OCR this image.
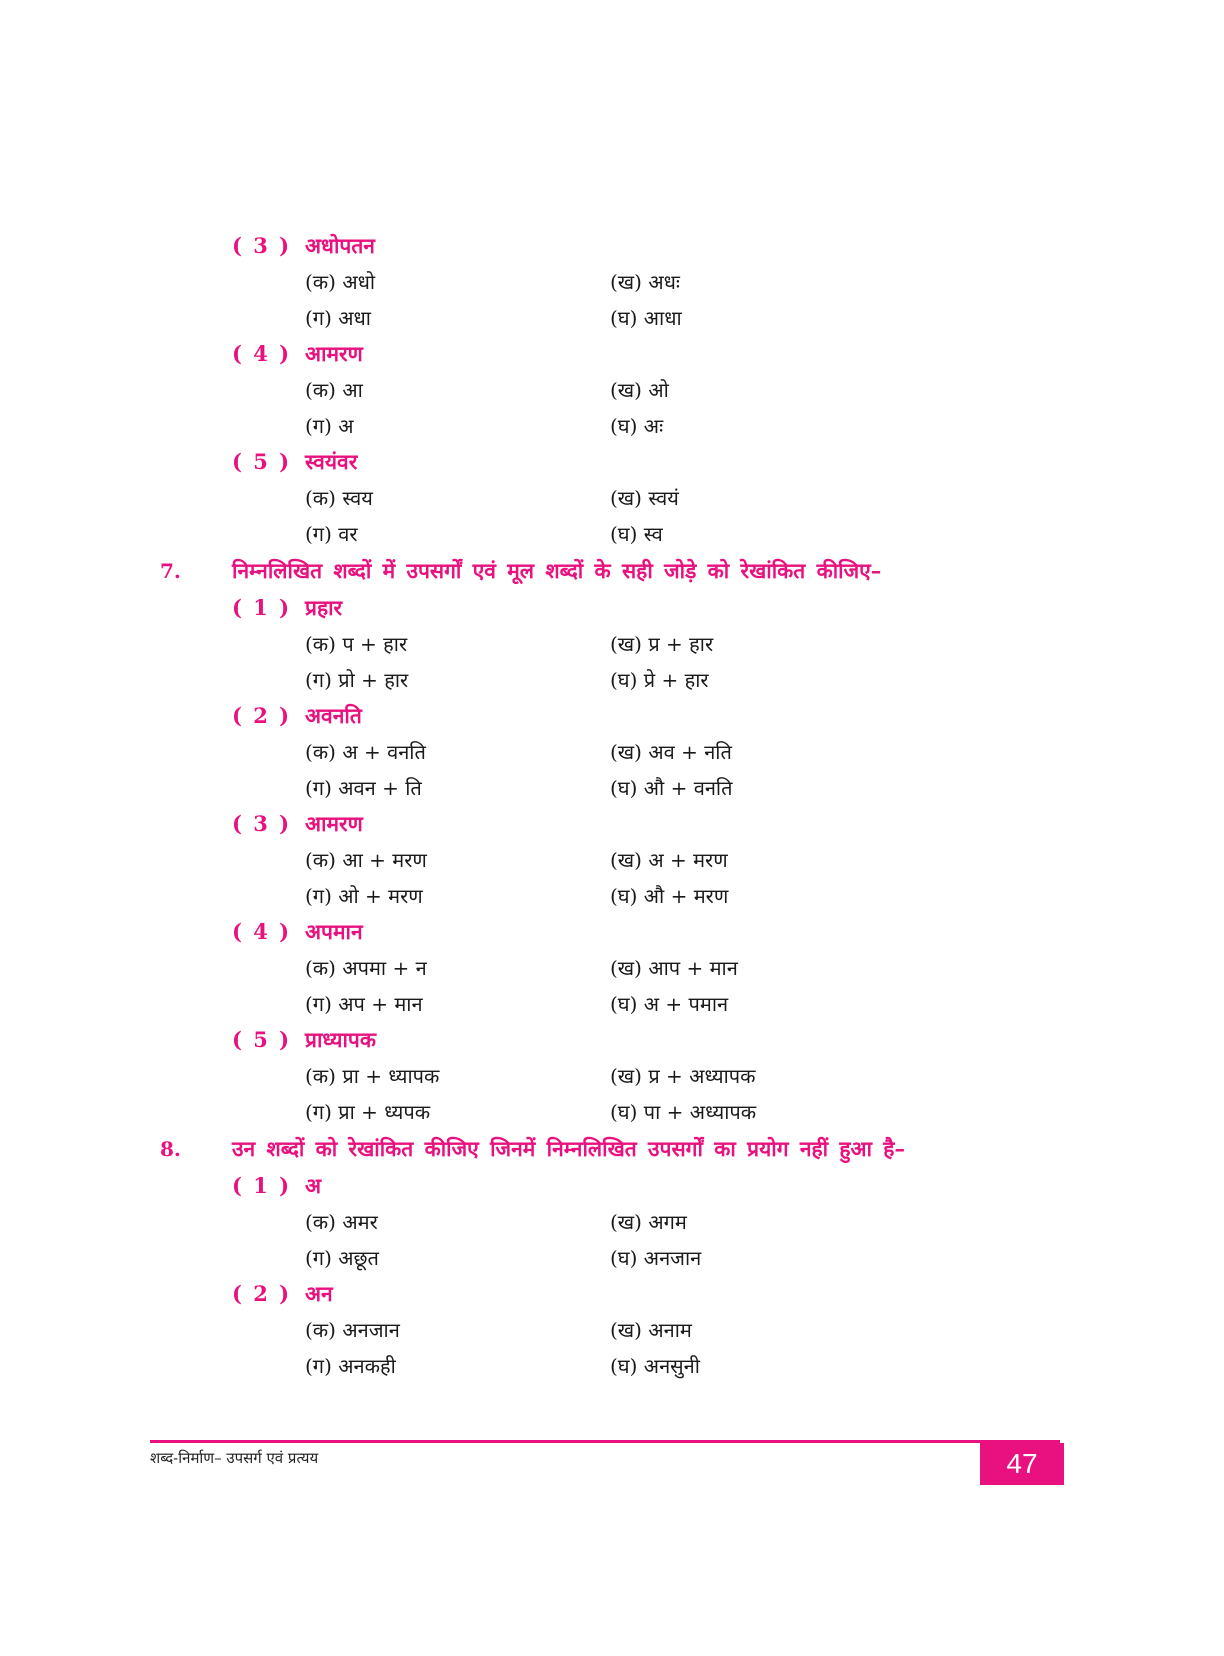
( 3 ) अधोपतन
(क) अधो	(ख) अधः
(ग) अधा	(घ) आधा
( 4 ) आमरण
(क) आ	(ख) ओ
(ग) अ	(घ) अः
( 5 ) स्वयंवर
(क) स्वय	(ख) स्वयं
(ग) वर	(घ) स्व
7. निम्नलिखित शब्दों में उपसर्गों एवं मूल शब्दों के सही जोड़े को रेखांकित कीजिए–
( 1 ) प्रहार
(क) प + हार	(ख) प्र + हार
(ग) प्रो + हार	(घ) प्रे + हार
( 2 ) अवनति
(क) अ + वनति	(ख) अव + नति
(ग) अवन + ति	(घ) औ + वनति
( 3 ) आमरण
(क) आ + मरण	(ख) अ + मरण
(ग) ओ + मरण	(घ) औ + मरण
( 4 ) अपमान
(क) अपमा + न	(ख) आप + मान
(ग) अप + मान	(घ) अ + पमान
( 5 ) प्राध्यापक
(क) प्रा + ध्यापक	(ख) प्र + अध्यापक
(ग) प्रा + ध्यपक	(घ) पा + अध्यापक
8. उन शब्दों को रेखांकित कीजिए जिनमें निम्नलिखित उपसर्गों का प्रयोग नहीं हुआ है–
( 1 ) अ
(क) अमर	(ख) अगम
(ग) अछूत	(घ) अनजान
( 2 ) अन
(क) अनजान	(ख) अनाम
(ग) अनकही	(घ) अनसुनी
शब्द-निर्माण– उपसर्ग एवं प्रत्यय	47
